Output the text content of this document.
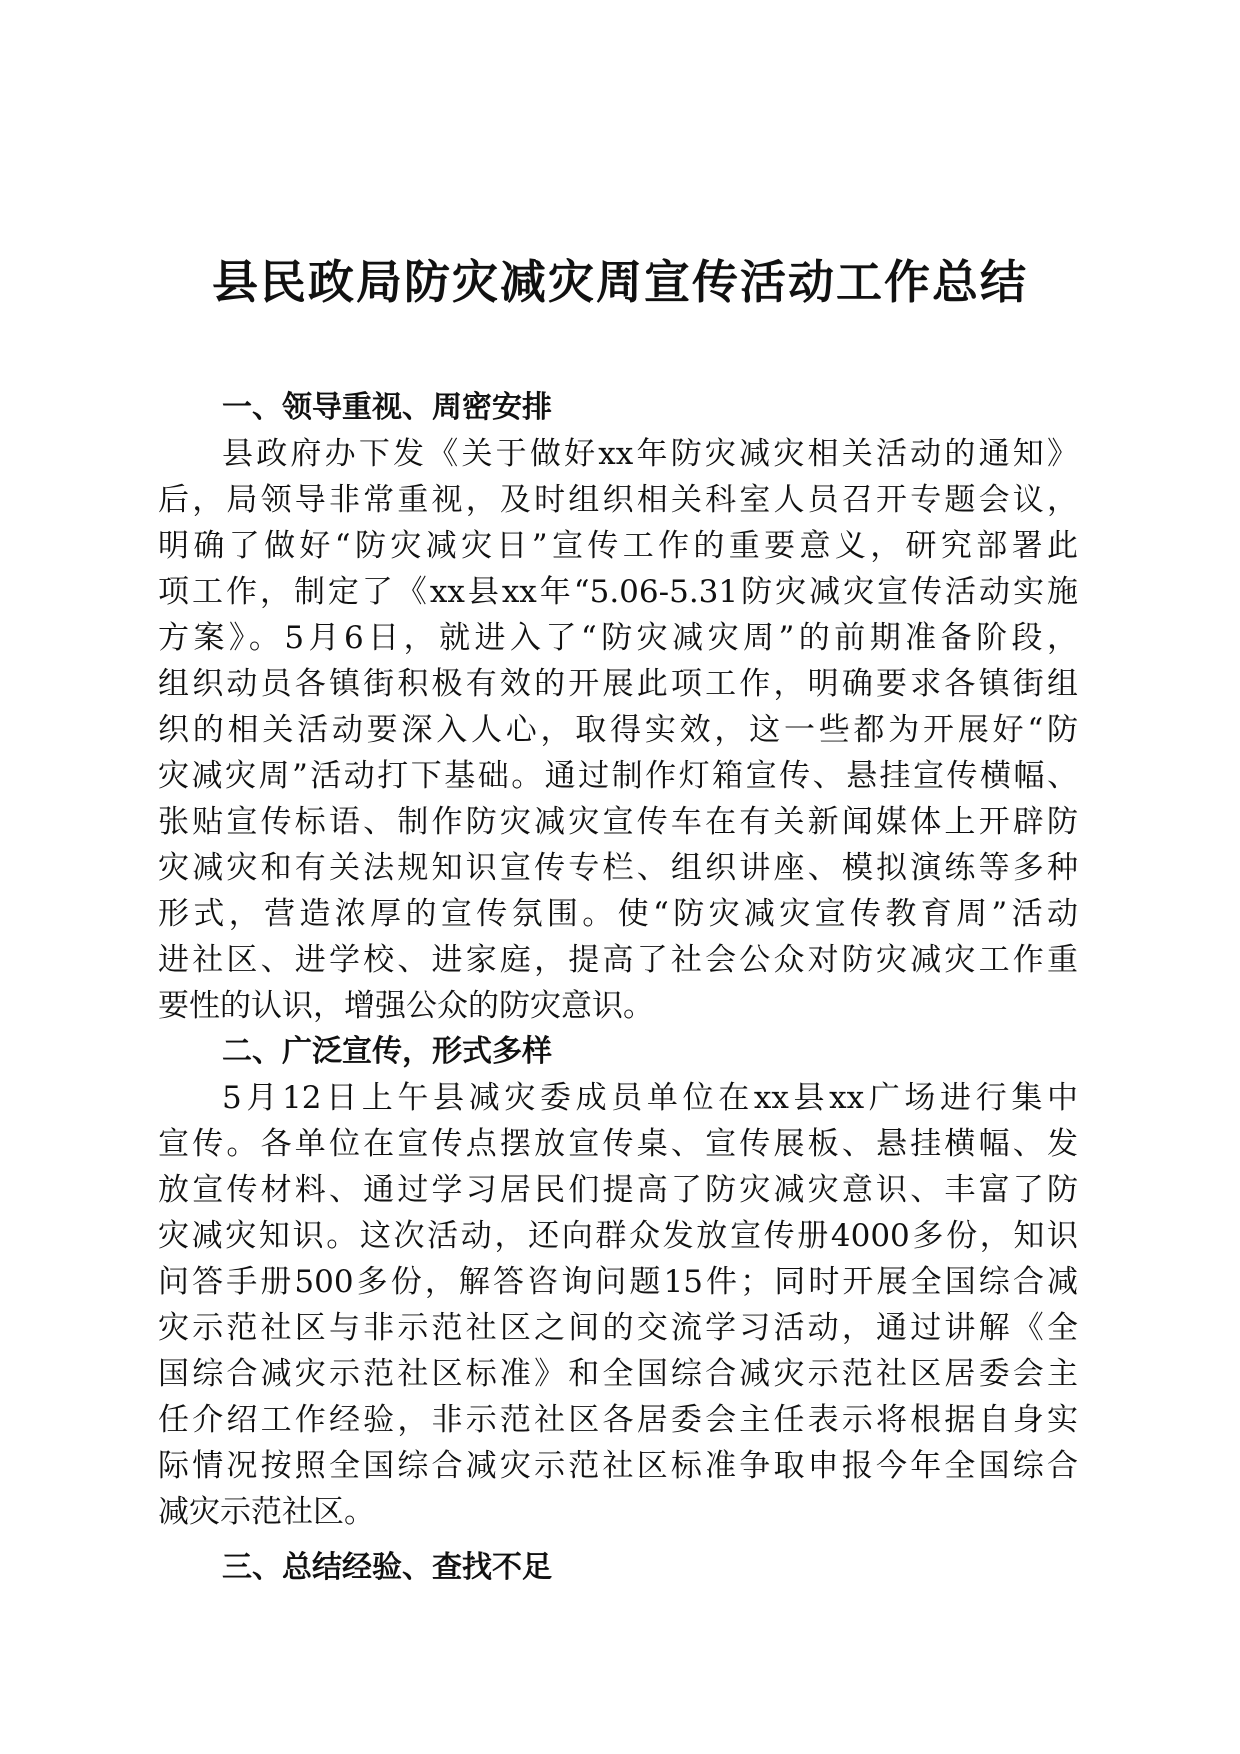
县民政局防灾减灾周宣传活动工作总结
一、领导重视、周密安排
县政府办下发《关于做好xx年防灾减灾相关活动的通知》
后，局领导非常重视，及时组织相关科室人员召开专题会议，
明确了做好“防灾减灾日”宣传工作的重要意义，研究部署此
项工作，制定了《xx县xx年“5.06-5.31防灾减灾宣传活动实施
方案》。5月6日，就进入了“防灾减灾周”的前期准备阶段，
组织动员各镇街积极有效的开展此项工作，明确要求各镇街组
织的相关活动要深入人心，取得实效，这一些都为开展好“防
灾减灾周”活动打下基础。通过制作灯箱宣传、悬挂宣传横幅、
张贴宣传标语、制作防灾减灾宣传车在有关新闻媒体上开辟防
灾减灾和有关法规知识宣传专栏、组织讲座、模拟演练等多种
形式，营造浓厚的宣传氛围。使“防灾减灾宣传教育周”活动
进社区、进学校、进家庭，提高了社会公众对防灾减灾工作重
要性的认识，增强公众的防灾意识。
二、广泛宣传，形式多样
5月12日上午县减灾委成员单位在xx县xx广场进行集中
宣传。各单位在宣传点摆放宣传桌、宣传展板、悬挂横幅、发
放宣传材料、通过学习居民们提高了防灾减灾意识、丰富了防
灾减灾知识。这次活动，还向群众发放宣传册4000多份，知识
问答手册500多份，解答咨询问题15件；同时开展全国综合减
灾示范社区与非示范社区之间的交流学习活动，通过讲解《全
国综合减灾示范社区标准》和全国综合减灾示范社区居委会主
任介绍工作经验，非示范社区各居委会主任表示将根据自身实
际情况按照全国综合减灾示范社区标准争取申报今年全国综合
减灾示范社区。
三、总结经验、查找不足
